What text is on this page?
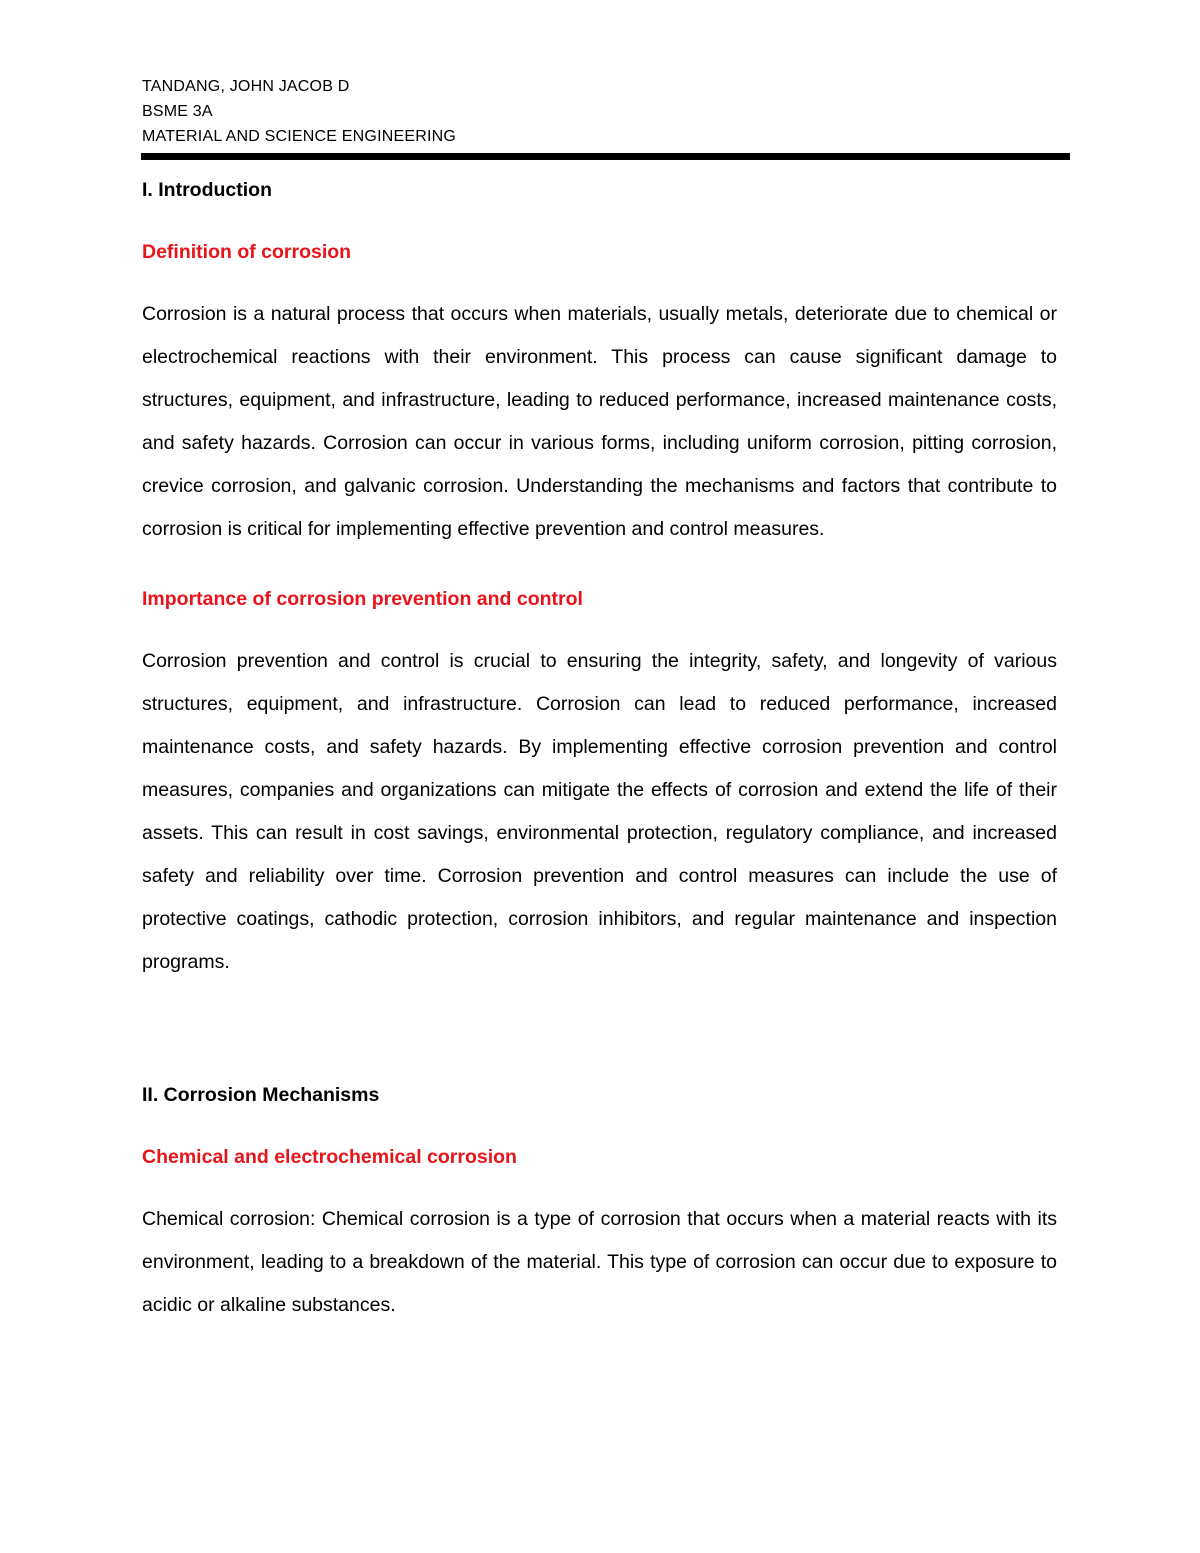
TANDANG, JOHN JACOB D
BSME 3A
MATERIAL AND SCIENCE ENGINEERING
I. Introduction
Definition of corrosion

Corrosion is a natural process that occurs when materials, usually metals, deteriorate due to chemical or electrochemical reactions with their environment. This process can cause significant damage to structures, equipment, and infrastructure, leading to reduced performance, increased maintenance costs, and safety hazards. Corrosion can occur in various forms, including uniform corrosion, pitting corrosion, crevice corrosion, and galvanic corrosion. Understanding the mechanisms and factors that contribute to corrosion is critical for implementing effective prevention and control measures.

Importance of corrosion prevention and control

Corrosion prevention and control is crucial to ensuring the integrity, safety, and longevity of various structures, equipment, and infrastructure. Corrosion can lead to reduced performance, increased maintenance costs, and safety hazards. By implementing effective corrosion prevention and control measures, companies and organizations can mitigate the effects of corrosion and extend the life of their assets. This can result in cost savings, environmental protection, regulatory compliance, and increased safety and reliability over time. Corrosion prevention and control measures can include the use of protective coatings, cathodic protection, corrosion inhibitors, and regular maintenance and inspection programs.

II. Corrosion Mechanisms
Chemical and electrochemical corrosion

Chemical corrosion: Chemical corrosion is a type of corrosion that occurs when a material reacts with its environment, leading to a breakdown of the material. This type of corrosion can occur due to exposure to acidic or alkaline substances.
